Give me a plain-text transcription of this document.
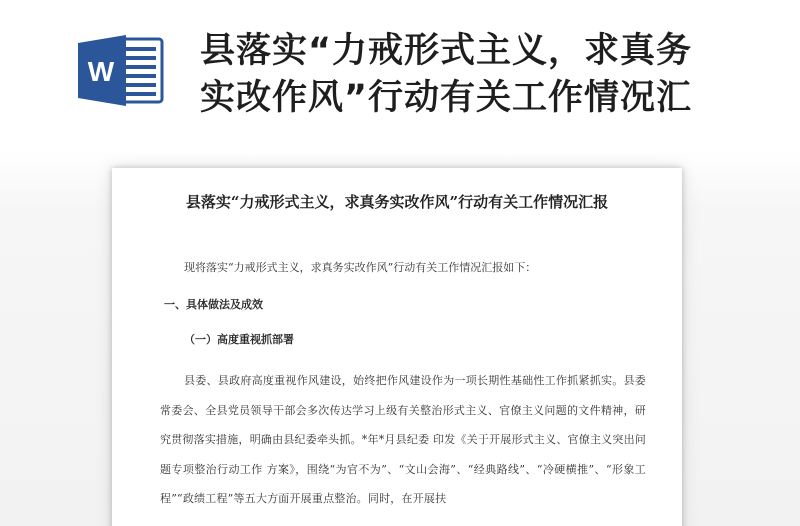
W
县落实“力戒形式主义，求真务实改作风”行动有关工作情况汇
县落实“力戒形式主义，求真务实改作风”行动有关工作情况汇报

现将落实“力戒形式主义，求真务实改作风”行动有关工作情况汇报如下：

一、具体做法及成效

（一）高度重视抓部署

县委、县政府高度重视作风建设，始终把作风建设作为一项长期性基础性工作抓紧抓实。县委常委会、全县党员领导干部会多次传达学习上级有关整治形式主义、官僚主义问题的文件精神，研究贯彻落实措施，明确由县纪委牵头抓。*年*月县纪委 印发《关于开展形式主义、官僚主义突出问题专项整治行动工作 方案》，围绕“为官不为”、“文山会海”、“经典路线”、“冷硬横推”、“形象工程”“政绩工程”等五大方面开展重点整治。同时，在开展扶
